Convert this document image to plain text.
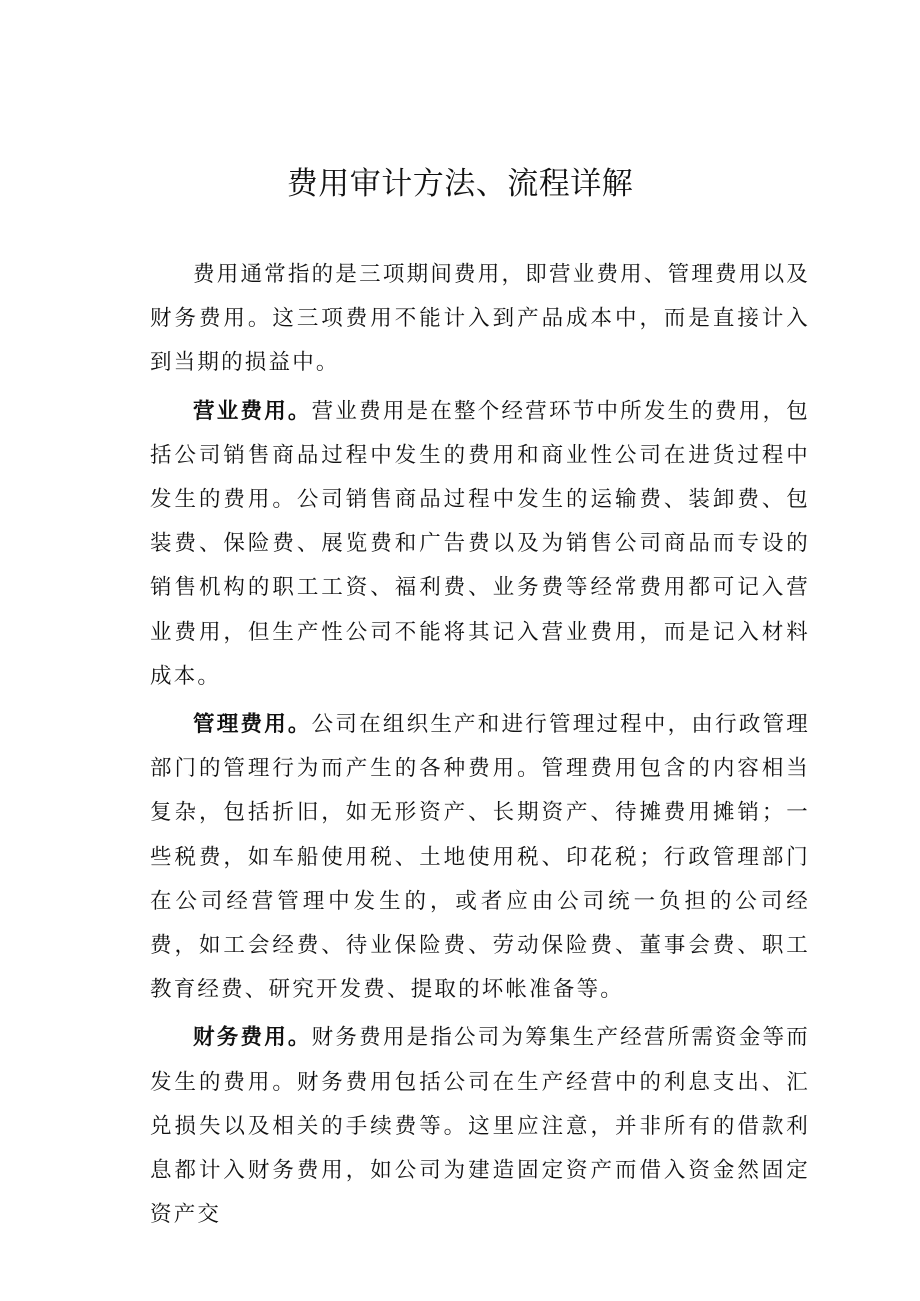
费用审计方法、流程详解

费用通常指的是三项期间费用，即营业费用、管理费用以及财务费用。这三项费用不能计入到产品成本中，而是直接计入到当期的损益中。

营业费用。营业费用是在整个经营环节中所发生的费用，包括公司销售商品过程中发生的费用和商业性公司在进货过程中发生的费用。公司销售商品过程中发生的运输费、装卸费、包装费、保险费、展览费和广告费以及为销售公司商品而专设的销售机构的职工工资、福利费、业务费等经常费用都可记入营业费用，但生产性公司不能将其记入营业费用，而是记入材料成本。

管理费用。公司在组织生产和进行管理过程中，由行政管理部门的管理行为而产生的各种费用。管理费用包含的内容相当复杂，包括折旧，如无形资产、长期资产、待摊费用摊销；一些税费，如车船使用税、土地使用税、印花税；行政管理部门在公司经营管理中发生的，或者应由公司统一负担的公司经费，如工会经费、待业保险费、劳动保险费、董事会费、职工教育经费、研究开发费、提取的坏帐准备等。

财务费用。财务费用是指公司为筹集生产经营所需资金等而发生的费用。财务费用包括公司在生产经营中的利息支出、汇兑损失以及相关的手续费等。这里应注意，并非所有的借款利息都计入财务费用，如公司为建造固定资产而借入资金然固定资产交
